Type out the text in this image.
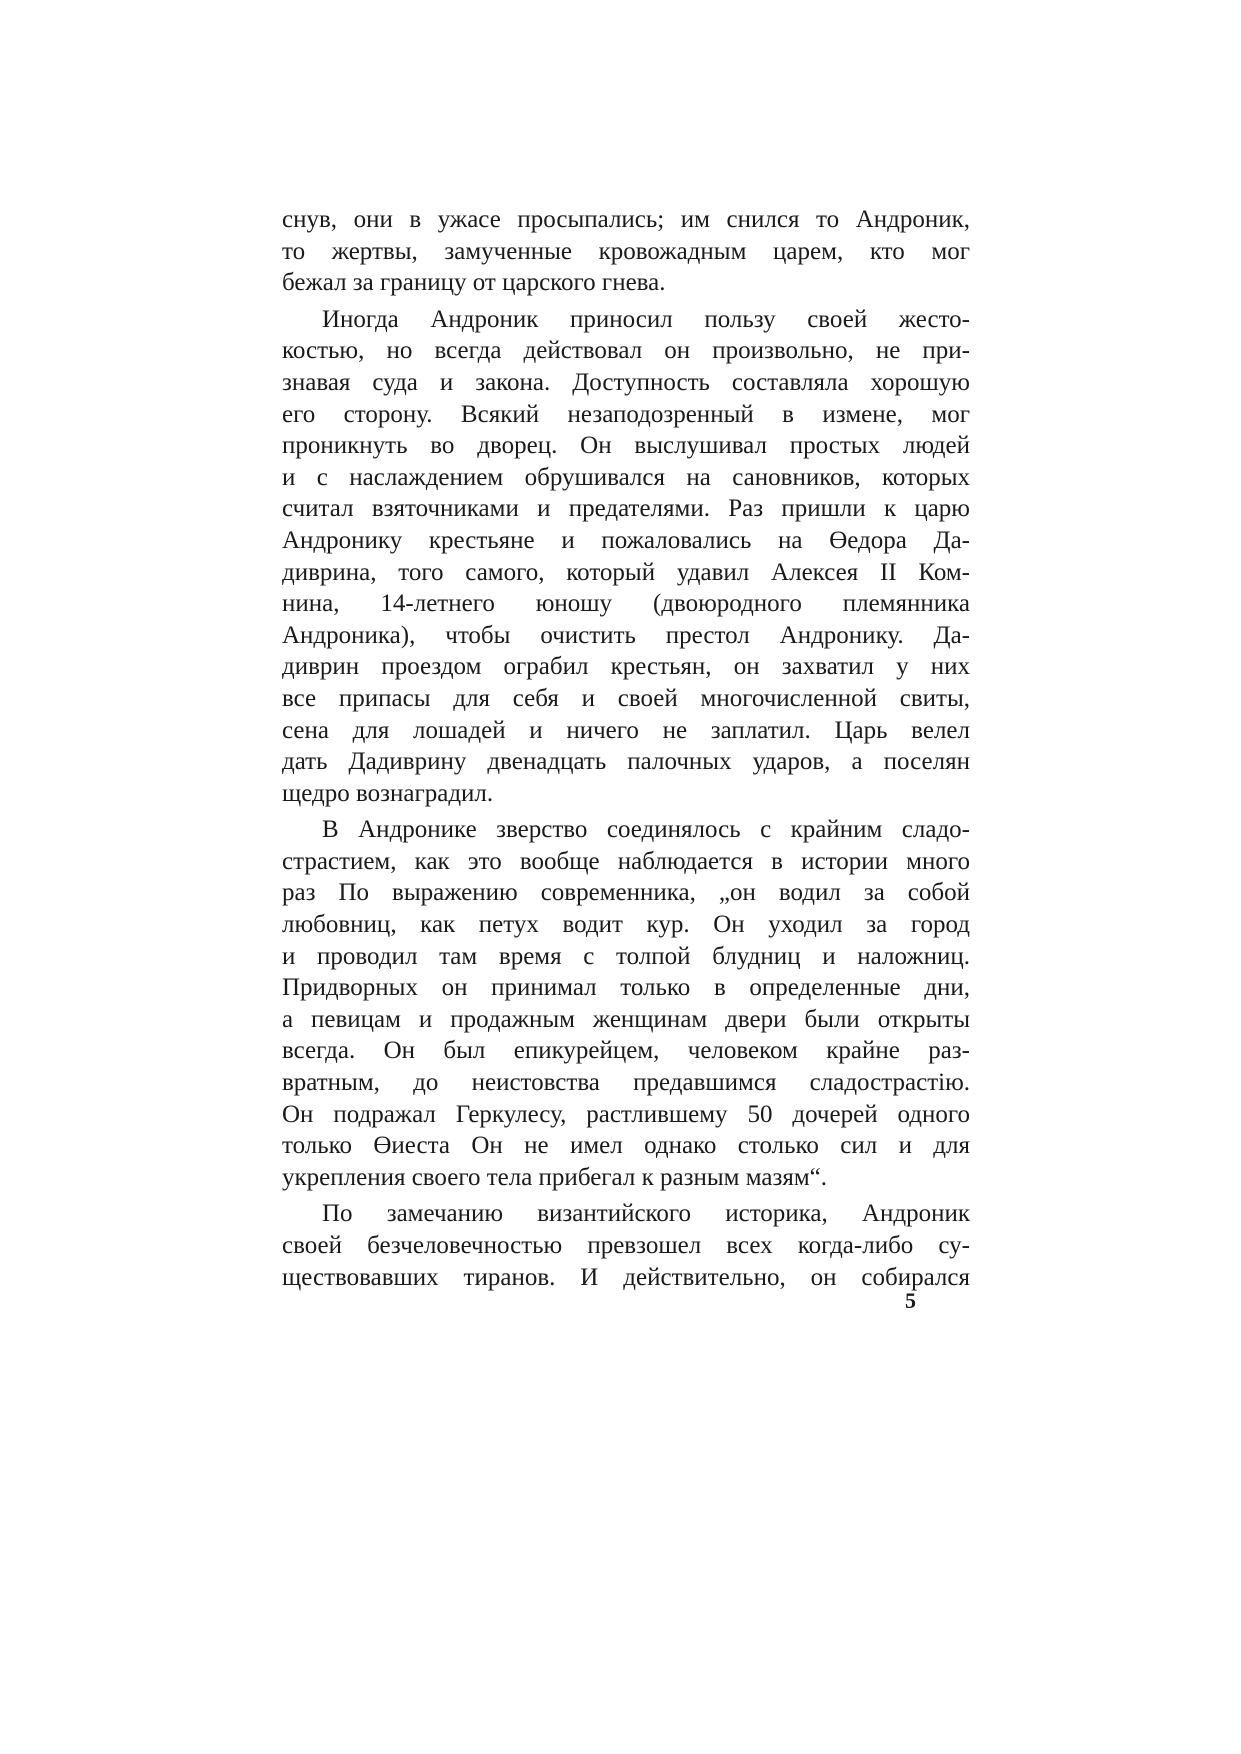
снув, они в ужасе просыпались; им снился то Андроник,
то жертвы, замученные кровожадным царем, кто мог
бежал за границу от царского гнева.
Иногда Андроник приносил пользу своей жесто-
костью, но всегда действовал он произвольно, не при-
знавая суда и закона. Доступность составляла хорошую
его сторону. Всякий незаподозренный в измене, мог
проникнуть во дворец. Он выслушивал простых людей
и с наслаждением обрушивался на сановников, которых
считал взяточниками и предателями. Раз пришли к царю
Андронику крестьяне и пожаловались на Өедора Да-
диврина, того самого, который удавил Алексея II Ком-
нина, 14-летнего юношу (двоюродного племянника
Андроника), чтобы очистить престол Андронику. Да-
диврин проездом ограбил крестьян, он захватил у них
все припасы для себя и своей многочисленной свиты,
сена для лошадей и ничего не заплатил. Царь велел
дать Дадиврину двенадцать палочных ударов, а поселян
щедро вознаградил.
В Андронике зверство соединялось с крайним сладо-
страстием, как это вообще наблюдается в истории много
раз По выражению современника, „он водил за собой
любовниц, как петух водит кур. Он уходил за город
и проводил там время с толпой блудниц и наложниц.
Придворных он принимал только в определенные дни,
а певицам и продажным женщинам двери были открыты
всегда. Он был епикурейцем, человеком крайне раз-
вратным, до неистовства предавшимся сладострастію.
Он подражал Геркулесу, растлившему 50 дочерей одного
только Өиеста Он не имел однако столько сил и для
укрепления своего тела прибегал к разным мазям“.
По замечанию византийского историка, Андроник
своей безчеловечностью превзошел всех когда-либо су-
ществовавших тиранов. И действительно, он собирался
5
